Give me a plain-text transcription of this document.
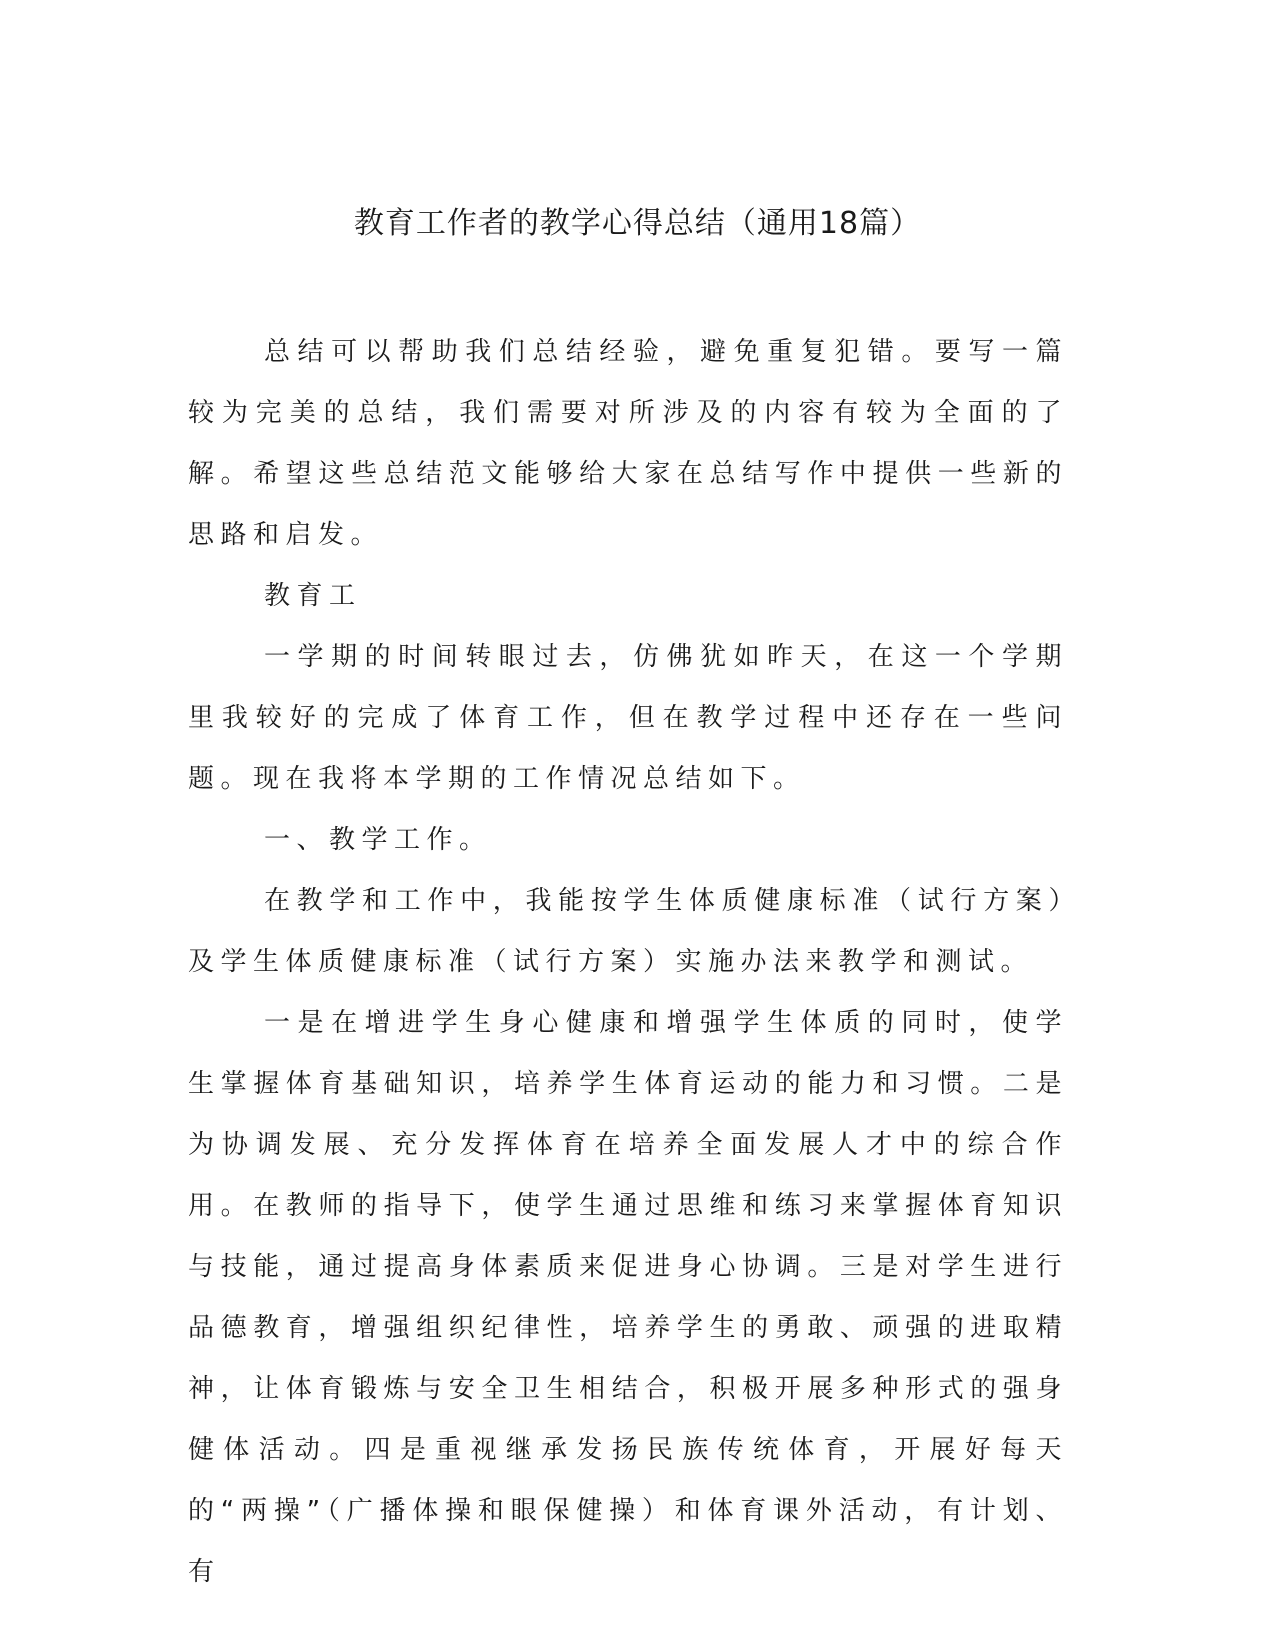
教育工作者的教学心得总结（通用18篇）

总结可以帮助我们总结经验，避免重复犯错。要写一篇较为完美的总结，我们需要对所涉及的内容有较为全面的了解。希望这些总结范文能够给大家在总结写作中提供一些新的思路和启发。

教育工

一学期的时间转眼过去，仿佛犹如昨天，在这一个学期里我较好的完成了体育工作，但在教学过程中还存在一些问题。现在我将本学期的工作情况总结如下。

一、教学工作。

在教学和工作中，我能按学生体质健康标准（试行方案）及学生体质健康标准（试行方案）实施办法来教学和测试。

一是在增进学生身心健康和增强学生体质的同时，使学生掌握体育基础知识，培养学生体育运动的能力和习惯。二是为协调发展、充分发挥体育在培养全面发展人才中的综合作用。在教师的指导下，使学生通过思维和练习来掌握体育知识与技能，通过提高身体素质来促进身心协调。三是对学生进行品德教育，增强组织纪律性，培养学生的勇敢、顽强的进取精神，让体育锻炼与安全卫生相结合，积极开展多种形式的强身健体活动。四是重视继承发扬民族传统体育，开展好每天的“两操”（广播体操和眼保健操）和体育课外活动，有计划、有
